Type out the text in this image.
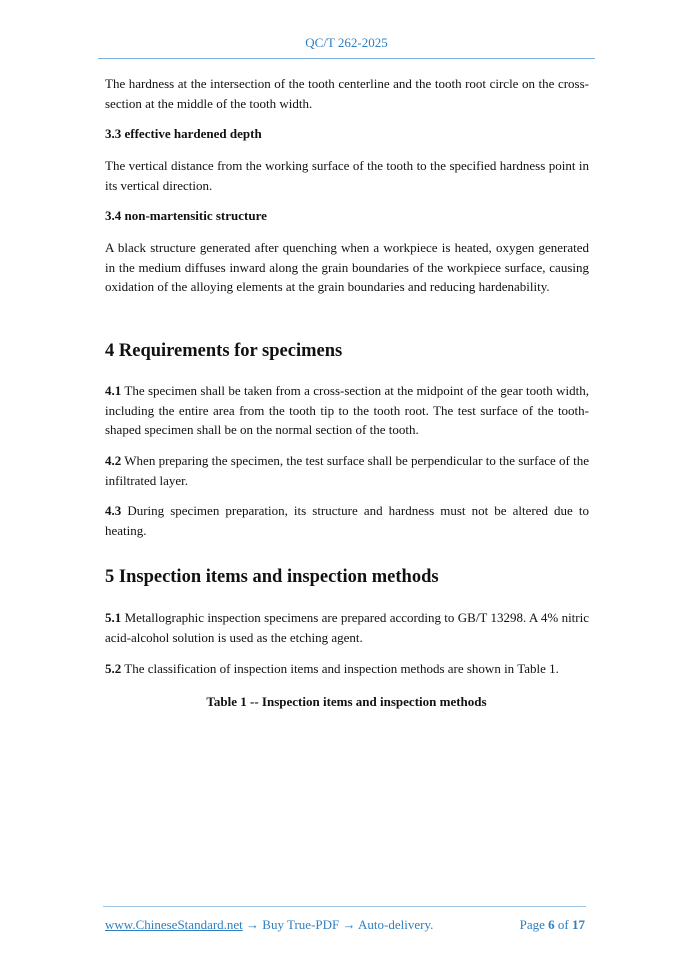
QC/T 262-2025
The hardness at the intersection of the tooth centerline and the tooth root circle on the cross-section at the middle of the tooth width.
3.3 effective hardened depth
The vertical distance from the working surface of the tooth to the specified hardness point in its vertical direction.
3.4 non-martensitic structure
A black structure generated after quenching when a workpiece is heated, oxygen generated in the medium diffuses inward along the grain boundaries of the workpiece surface, causing oxidation of the alloying elements at the grain boundaries and reducing hardenability.
4 Requirements for specimens
4.1 The specimen shall be taken from a cross-section at the midpoint of the gear tooth width, including the entire area from the tooth tip to the tooth root. The test surface of the tooth-shaped specimen shall be on the normal section of the tooth.
4.2 When preparing the specimen, the test surface shall be perpendicular to the surface of the infiltrated layer.
4.3 During specimen preparation, its structure and hardness must not be altered due to heating.
5 Inspection items and inspection methods
5.1 Metallographic inspection specimens are prepared according to GB/T 13298. A 4% nitric acid-alcohol solution is used as the etching agent.
5.2 The classification of inspection items and inspection methods are shown in Table 1.
Table 1 -- Inspection items and inspection methods
www.ChineseStandard.net → Buy True-PDF → Auto-delivery.	Page 6 of 17
